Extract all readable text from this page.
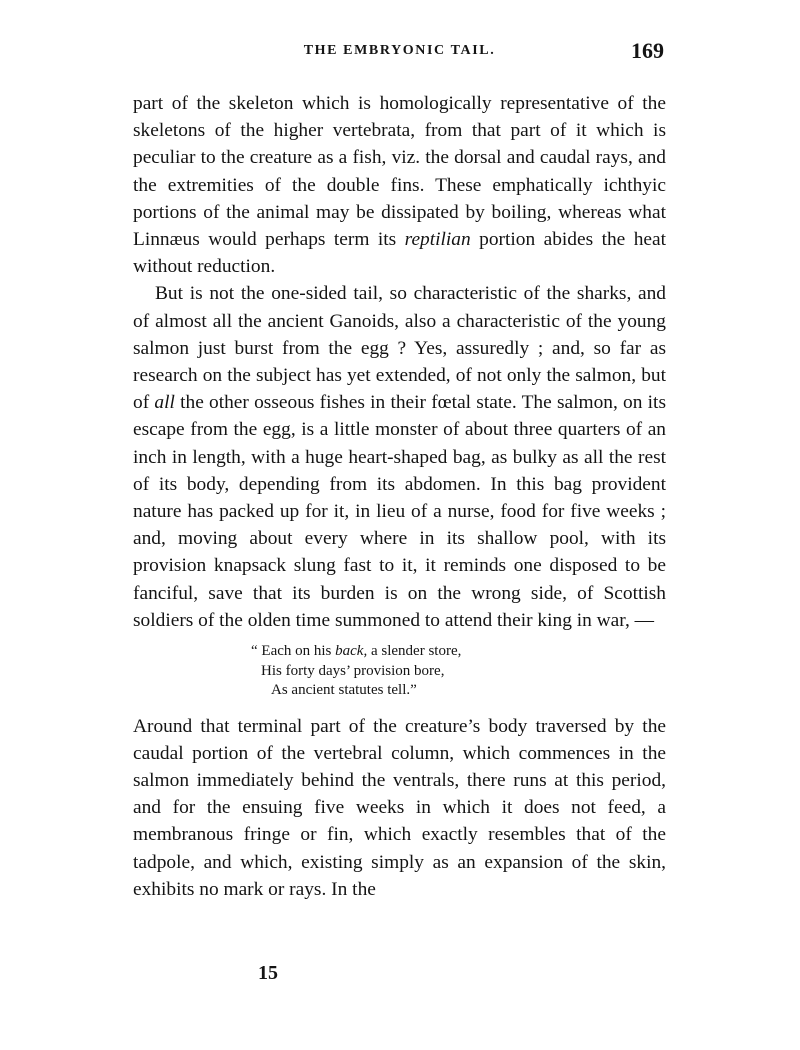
THE EMBRYONIC TAIL.	169

part of the skeleton which is homologically representative of the skeletons of the higher vertebrata, from that part of it which is peculiar to the creature as a fish, viz. the dorsal and caudal rays, and the extremities of the double fins. These emphatically ichthyic portions of the animal may be dissipated by boiling, whereas what Linnæus would perhaps term its reptilian portion abides the heat without reduction.

But is not the one-sided tail, so characteristic of the sharks, and of almost all the ancient Ganoids, also a characteristic of the young salmon just burst from the egg ? Yes, assuredly ; and, so far as research on the subject has yet extended, of not only the salmon, but of all the other osseous fishes in their fœtal state. The salmon, on its escape from the egg, is a little monster of about three quarters of an inch in length, with a huge heart-shaped bag, as bulky as all the rest of its body, depending from its abdomen. In this bag provident nature has packed up for it, in lieu of a nurse, food for five weeks ; and, moving about every where in its shallow pool, with its provision knapsack slung fast to it, it reminds one disposed to be fanciful, save that its burden is on the wrong side, of Scottish soldiers of the olden time summoned to attend their king in war, —

“ Each on his back, a slender store,
His forty days’ provision bore,
As ancient statutes tell.”

Around that terminal part of the creature’s body traversed by the caudal portion of the vertebral column, which commences in the salmon immediately behind the ventrals, there runs at this period, and for the ensuing five weeks in which it does not feed, a membranous fringe or fin, which exactly resembles that of the tadpole, and which, existing simply as an expansion of the skin, exhibits no mark or rays. In the

15
